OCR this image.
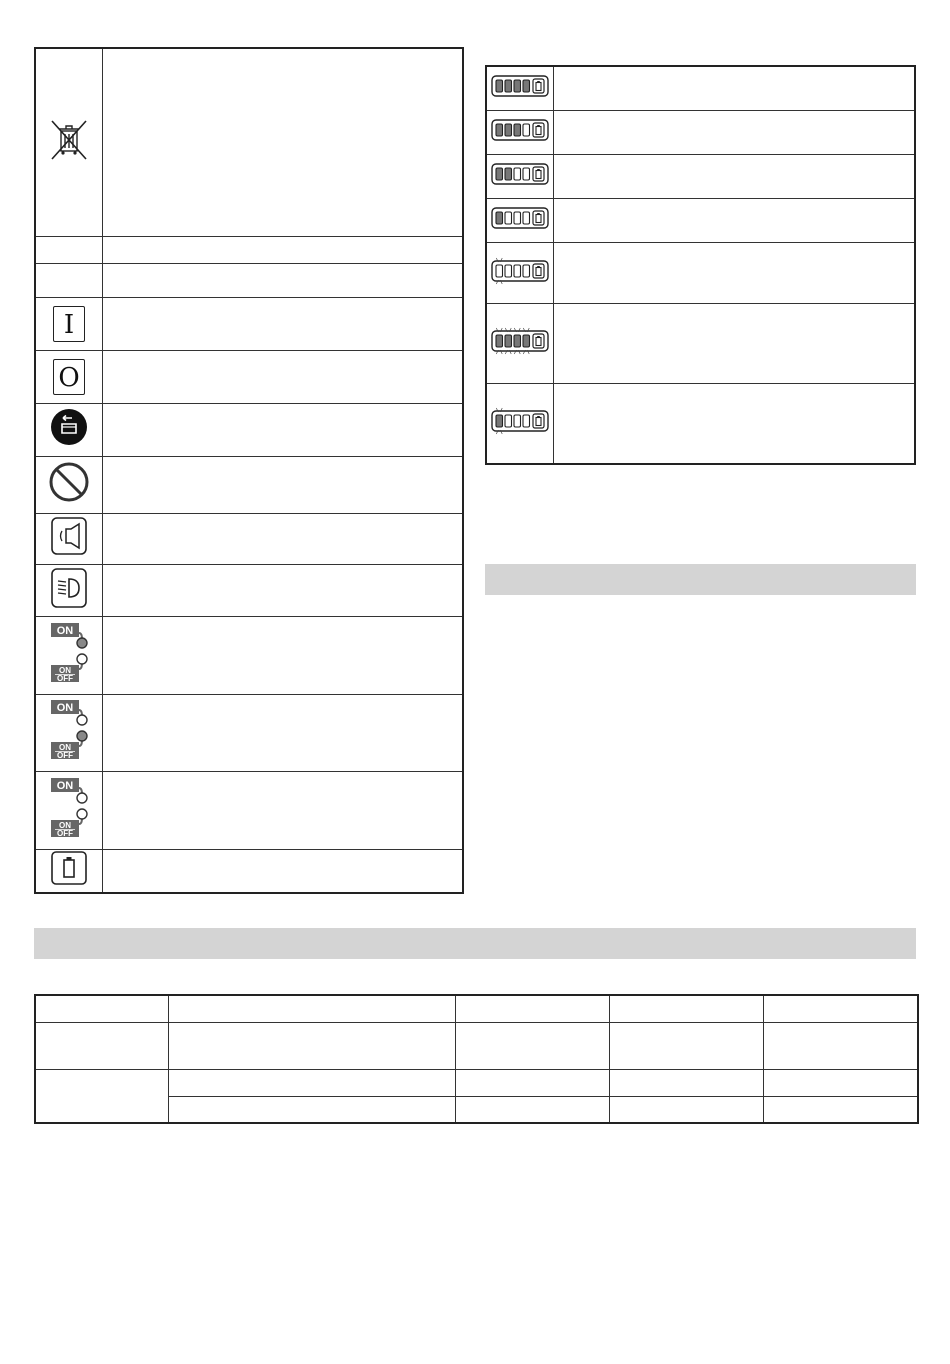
I	
O	

ON
ON
OFF	

ON
ON
OFF	

ON
ON
OFF	
